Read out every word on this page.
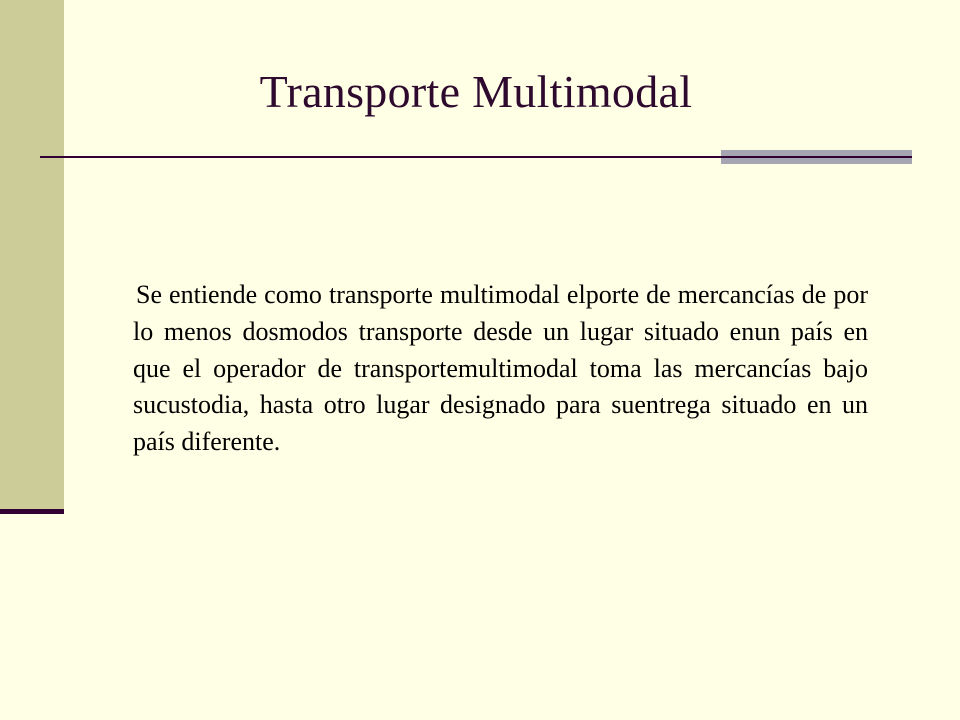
Transporte Multimodal
Se entiende como transporte multimodal elporte de mercancías de por lo menos dosmodos transporte desde un lugar situado enun país en que el operador de transportemultimodal toma las mercancías bajo sucustodia, hasta otro lugar designado para suentrega situado en un país diferente.
